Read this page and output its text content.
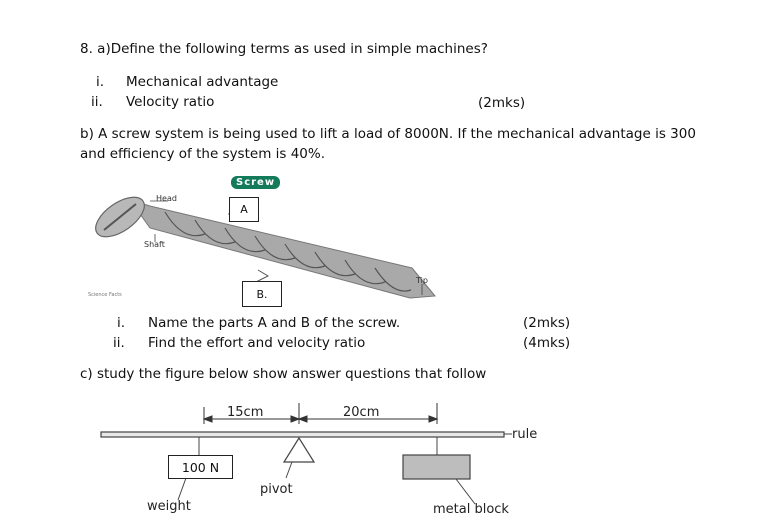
8. a)Define the following terms as used in simple machines?
i. Mechanical advantage
ii. Velocity ratio	(2mks)
b) A screw system is being used to lift a load of 8000N. If the mechanical advantage is 300
and efficiency of the system is 40%.
Screw
Head
Shaft
Tip
Science Facts
A
B.
i. Name the parts A and B of the screw.	(2mks)
ii. Find the effort and velocity ratio	(4mks)
c) study the figure below show answer questions that follow
15cm	20cm
rule
100 N
weight
pivot
metal block
